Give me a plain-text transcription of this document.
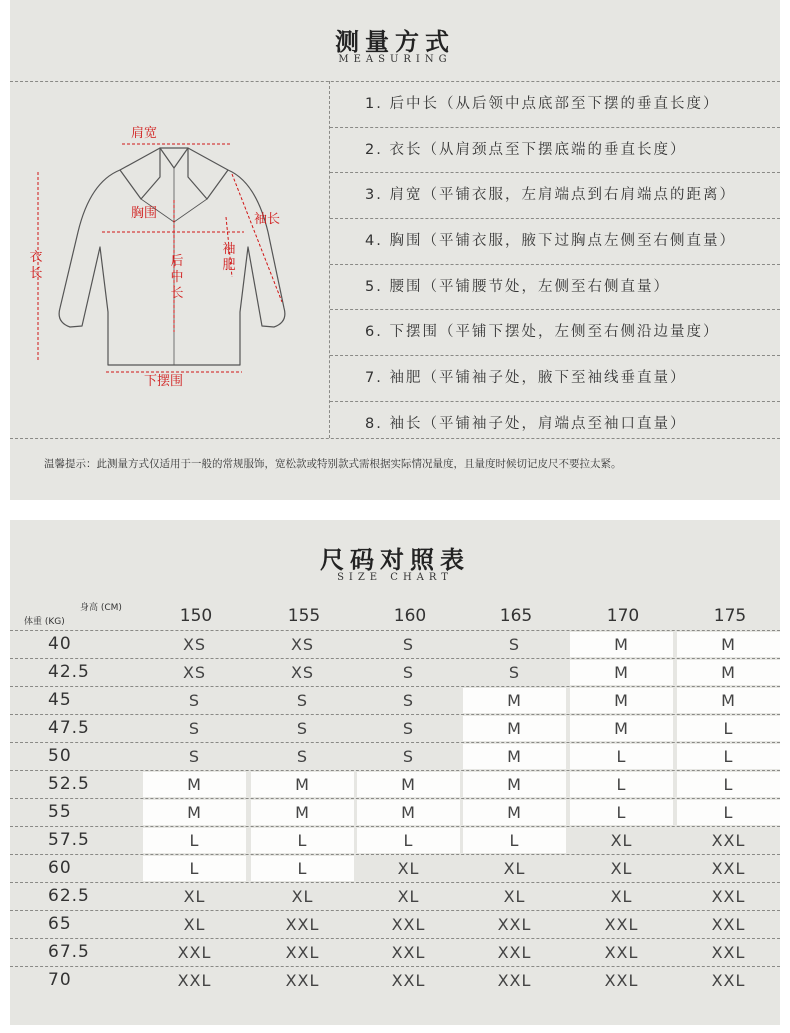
测量方式
MEASURING
肩宽
胸围	袖长
袖肥
衣长
后中长
下摆围
1. 后中长（从后领中点底部至下摆的垂直长度）
2. 衣长（从肩颈点至下摆底端的垂直长度）
3. 肩宽（平铺衣服，左肩端点到右肩端点的距离）
4. 胸围（平铺衣服，腋下过胸点左侧至右侧直量）
5. 腰围（平铺腰节处，左侧至右侧直量）
6. 下摆围（平铺下摆处，左侧至右侧沿边量度）
7. 袖肥（平铺袖子处，腋下至袖线垂直量）
8. 袖长（平铺袖子处，肩端点至袖口直量）
温馨提示：此测量方式仅适用于一般的常规服饰，宽松款或特别款式需根据实际情况量度，且量度时候切记皮尺不要拉太紧。
尺码对照表
SIZE CHART
身高 (CM)
体重 (KG)	150	155	160	165	170	175
40	XS	XS	S	S	M	M
42.5	XS	XS	S	S	M	M
45	S	S	S	M	M	M
47.5	S	S	S	M	M	L
50	S	S	S	M	L	L
52.5	M	M	M	M	L	L
55	M	M	M	M	L	L
57.5	L	L	L	L	XL	XXL
60	L	L	XL	XL	XL	XXL
62.5	XL	XL	XL	XL	XL	XXL
65	XL	XXL	XXL	XXL	XXL	XXL
67.5	XXL	XXL	XXL	XXL	XXL	XXL
70	XXL	XXL	XXL	XXL	XXL	XXL
